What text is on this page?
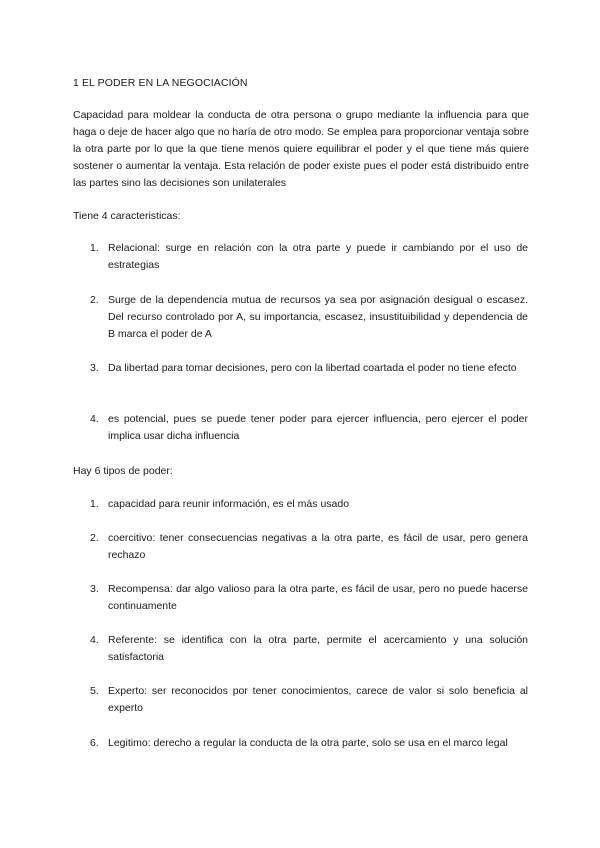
1 EL PODER EN LA NEGOCIACIÓN

Capacidad para moldear la conducta de otra persona o grupo mediante la influencia para que haga o deje de hacer algo que no haría de otro modo. Se emplea para proporcionar ventaja sobre la otra parte por lo que la que tiene menos quiere equilibrar el poder y el que tiene más quiere sostener o aumentar la ventaja. Esta relación de poder existe pues el poder está distribuido entre las partes sino las decisiones son unilaterales

Tiene 4 caracteristicas:

1. Relacional: surge en relación con la otra parte y puede ir cambiando por el uso de estrategias
2. Surge de la dependencia mutua de recursos ya sea por asignación desigual o escasez. Del recurso controlado por A, su importancia, escasez, insustituibilidad y dependencia de B marca el poder de A
3. Da libertad para tomar decisiones, pero con la libertad coartada el poder no tiene efecto
4. es potencial, pues se puede tener poder para ejercer influencia, pero ejercer el poder implica usar dicha influencia

Hay 6 tipos de poder:

1. capacidad para reunir información, es el más usado
2. coercitivo: tener consecuencias negativas a la otra parte, es fácil de usar, pero genera rechazo
3. Recompensa: dar algo valioso para la otra parte, es fácil de usar, pero no puede hacerse continuamente
4. Referente: se identifica con la otra parte, permite el acercamiento y una solución satisfactoria
5. Experto: ser reconocidos por tener conocimientos, carece de valor si solo beneficia al experto
6. Legitimo: derecho a regular la conducta de la otra parte, solo se usa en el marco legal
